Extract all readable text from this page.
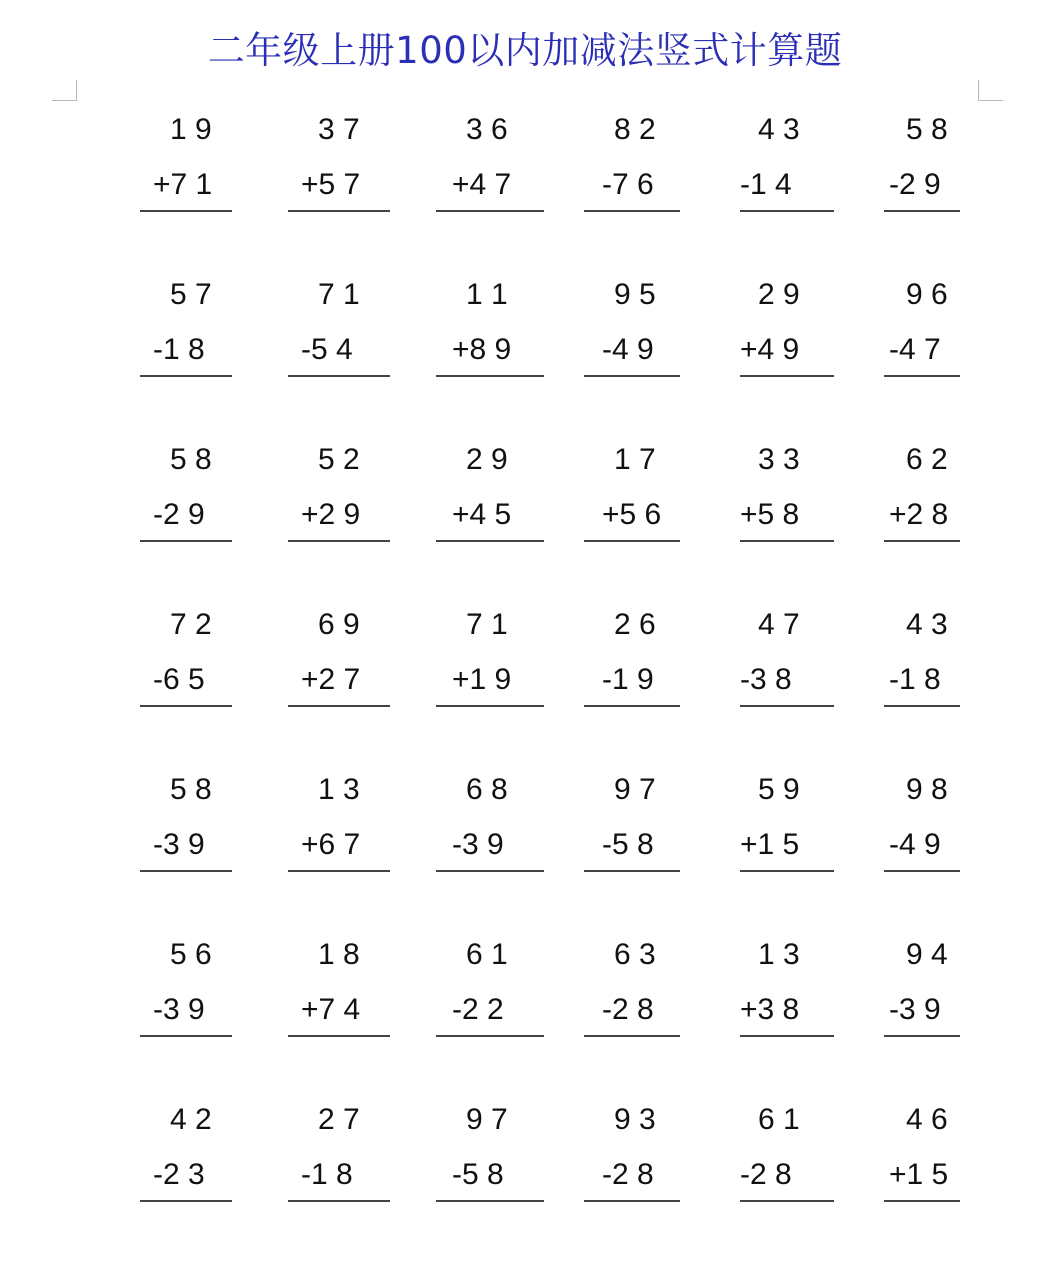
二年级上册100以内加减法竖式计算题
1 9
+7 1
3 7
+5 7
3 6
+4 7
8 2
-7 6
4 3
-1 4
5 8
-2 9
5 7
-1 8
7 1
-5 4
1 1
+8 9
9 5
-4 9
2 9
+4 9
9 6
-4 7
5 8
-2 9
5 2
+2 9
2 9
+4 5
1 7
+5 6
3 3
+5 8
6 2
+2 8
7 2
-6 5
6 9
+2 7
7 1
+1 9
2 6
-1 9
4 7
-3 8
4 3
-1 8
5 8
-3 9
1 3
+6 7
6 8
-3 9
9 7
-5 8
5 9
+1 5
9 8
-4 9
5 6
-3 9
1 8
+7 4
6 1
-2 2
6 3
-2 8
1 3
+3 8
9 4
-3 9
4 2
-2 3
2 7
-1 8
9 7
-5 8
9 3
-2 8
6 1
-2 8
4 6
+1 5
